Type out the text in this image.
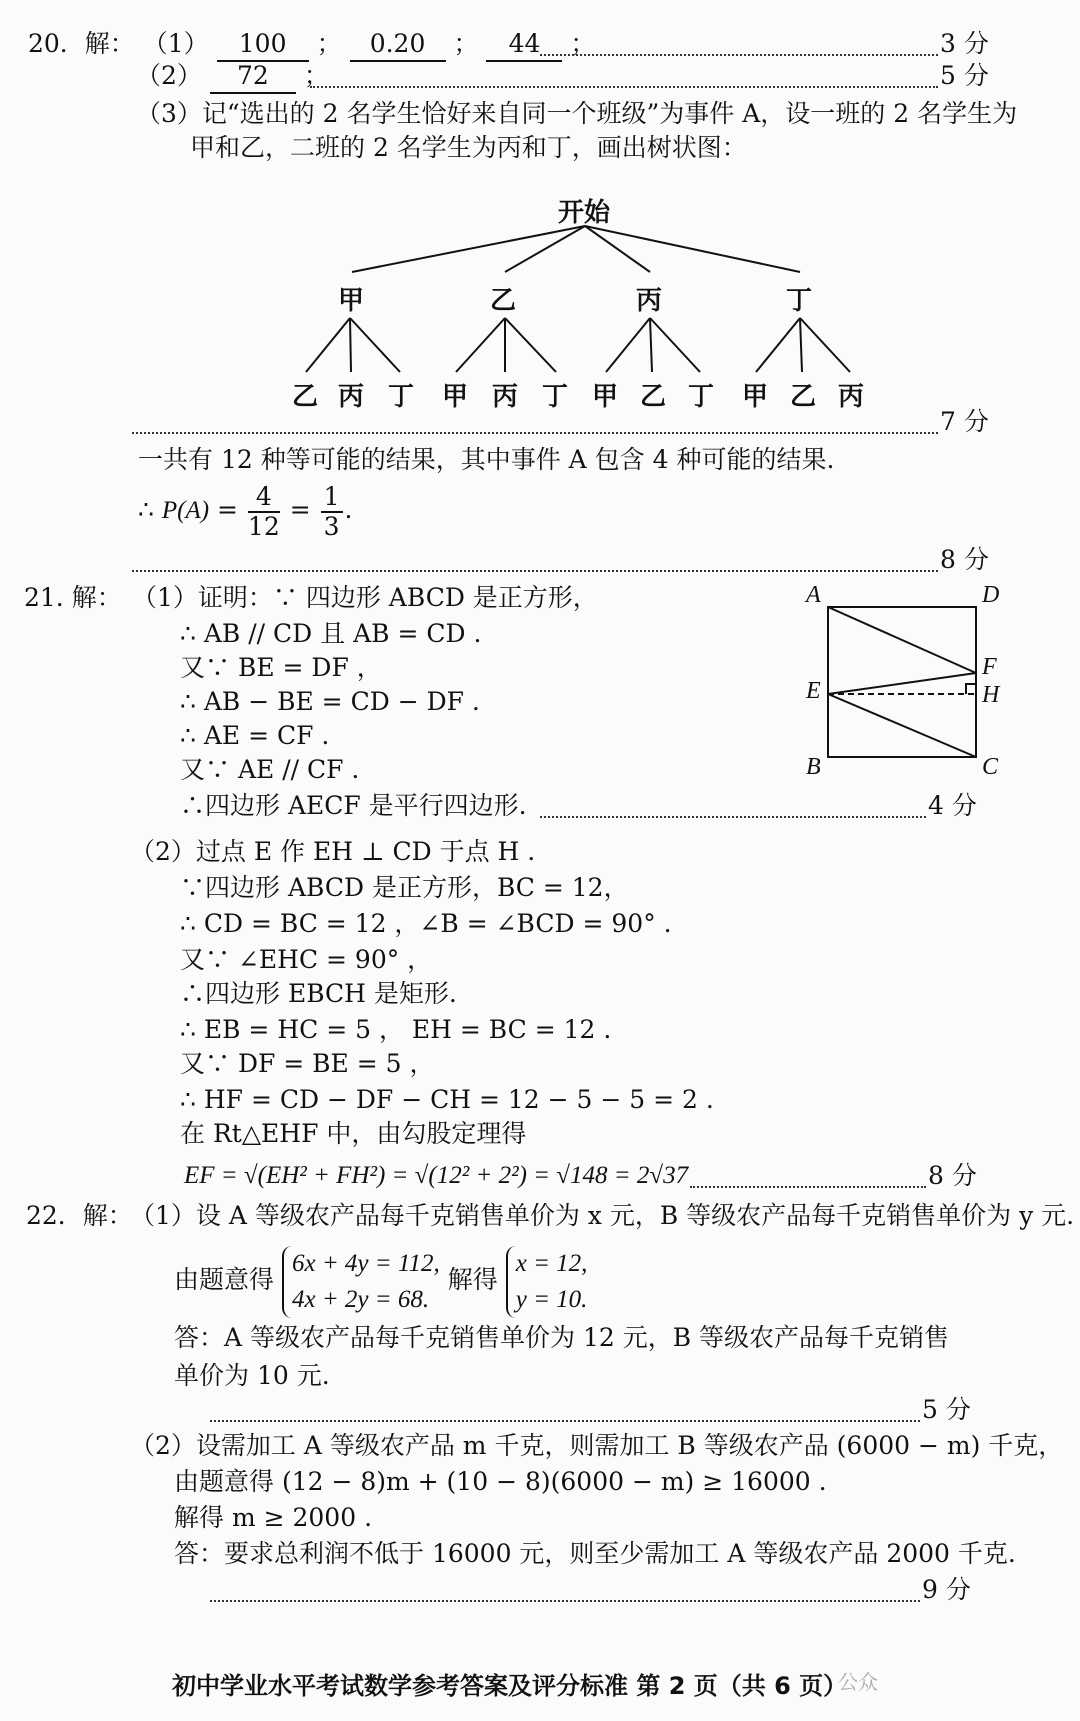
20．解： （1） 100 ； 0.20 ； 44 ；	3 分
（2） 72 ；	5 分
（3）记“选出的 2 名学生恰好来自同一个班级”为事件 A，设一班的 2 名学生为
甲和乙，二班的 2 名学生为丙和丁，画出树状图：
开始
甲	乙	丙	丁
乙 丙 丁 甲 丙 丁 甲 乙 丁 甲 乙 丙
7 分
一共有 12 种等可能的结果，其中事件 A 包含 4 种可能的结果.
∴ $P(A) = \frac{4}{12} = \frac{1}{3}$ .
8 分
21. 解： （1）证明：∵ 四边形 ABCD 是正方形，
∴ AB // CD 且 AB = CD .
又∵ BE = DF ，
∴ AB − BE = CD − DF .
∴ AE = CF .
又∵ AE // CF .
∴四边形 AECF 是平行四边形.	4 分
A	D
F
E	H
B	C
（2）过点 E 作 EH ⊥ CD 于点 H .
∵四边形 ABCD 是正方形，BC = 12，
∴ CD = BC = 12 ，∠B = ∠BCD = 90° .
又∵ ∠EHC = 90° ，
∴四边形 EBCH 是矩形.
∴ EB = HC = 5 ， EH = BC = 12 .
又∵ DF = BE = 5 ，
∴ HF = CD − DF − CH = 12 − 5 − 5 = 2 .
在 Rt△EHF 中，由勾股定理得
EF = √(EH² + FH²) = √(12² + 2²) = √148 = 2√37	8 分
22．解：
（1）设 A 等级农产品每千克销售单价为 x 元，B 等级农产品每千克销售单价为 y 元.
由题意得
6x + 4y = 112,
4x + 2y = 68.
解得
x = 12,
y = 10.
答：A 等级农产品每千克销售单价为 12 元，B 等级农产品每千克销售
单价为 10 元.
5 分
（2）设需加工 A 等级农产品 m 千克，则需加工 B 等级农产品 (6000 − m) 千克，
由题意得 (12 − 8)m + (10 − 8)(6000 − m) ≥ 16000 .
解得 m ≥ 2000 .
答：要求总利润不低于 16000 元，则至少需加工 A 等级农产品 2000 千克.
9 分
初中学业水平考试数学参考答案及评分标准 第 2 页（共 6 页）
公众
